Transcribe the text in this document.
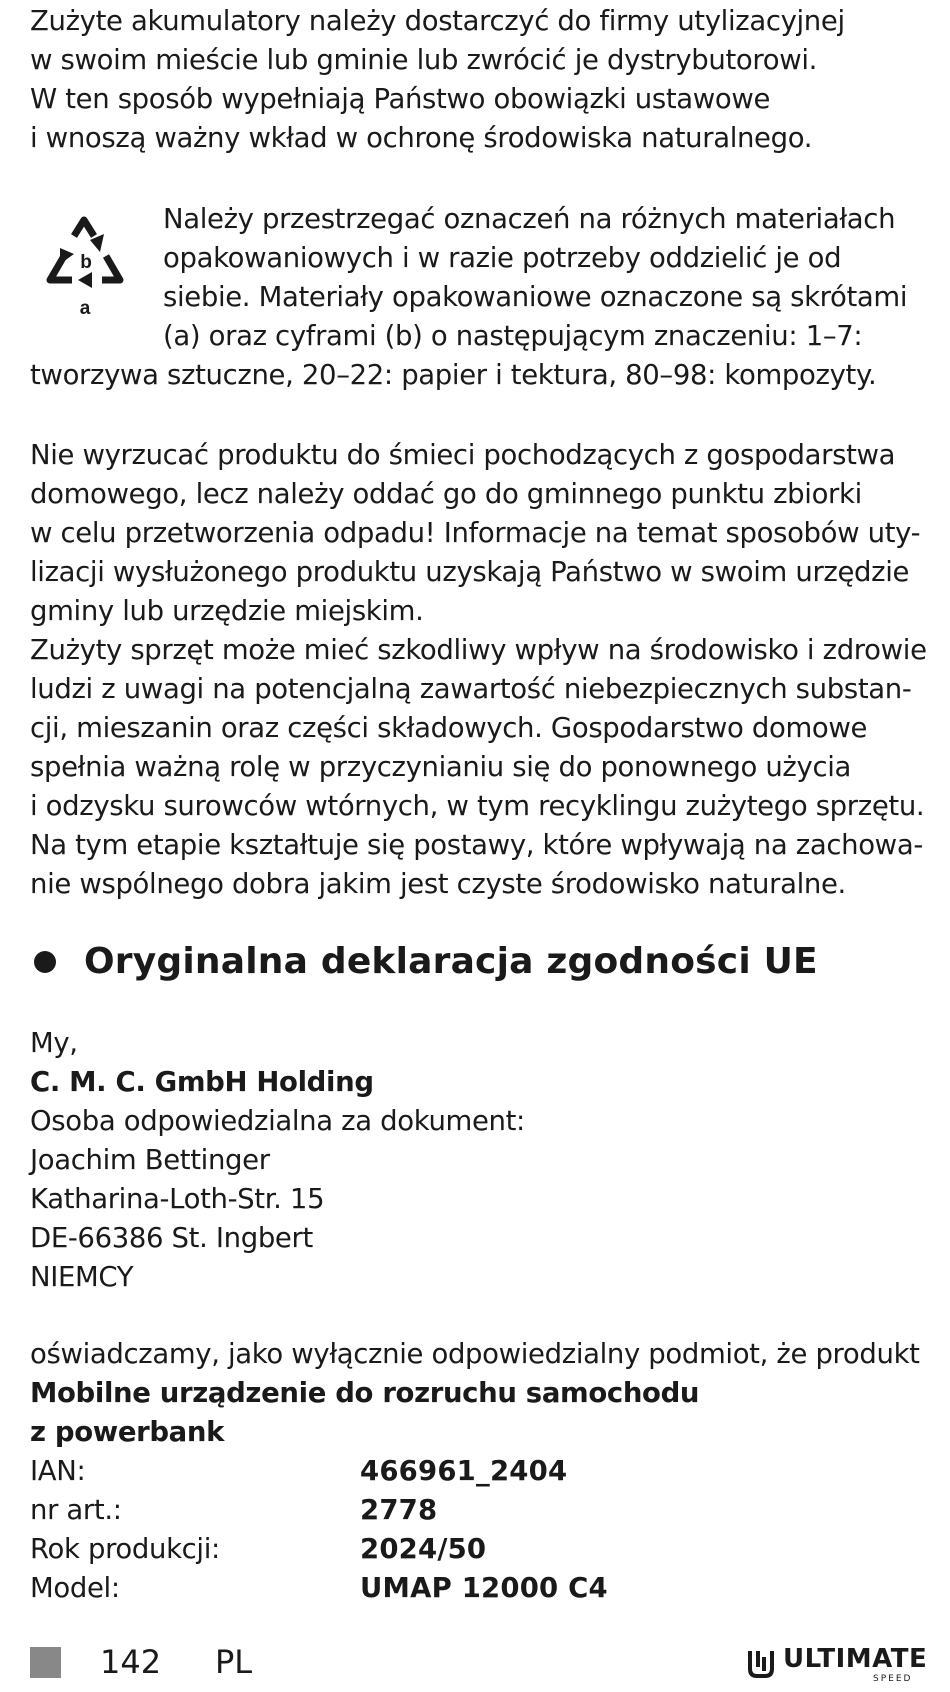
Zużyte akumulatory należy dostarczyć do firmy utylizacyjnej
w swoim mieście lub gminie lub zwrócić je dystrybutorowi.
W ten sposób wypełniają Państwo obowiązki ustawowe
i wnoszą ważny wkład w ochronę środowiska naturalnego.

b
a

Należy przestrzegać oznaczeń na różnych materiałach
opakowaniowych i w razie potrzeby oddzielić je od
siebie. Materiały opakowaniowe oznaczone są skrótami
(a) oraz cyframi (b) o następującym znaczeniu: 1–7:

tworzywa sztuczne, 20–22: papier i tektura, 80–98: kompozyty.

Nie wyrzucać produktu do śmieci pochodzących z gospodarstwa
domowego, lecz należy oddać go do gminnego punktu zbiorki
w celu przetworzenia odpadu! Informacje na temat sposobów uty-
lizacji wysłużonego produktu uzyskają Państwo w swoim urzędzie
gminy lub urzędzie miejskim.
Zużyty sprzęt może mieć szkodliwy wpływ na środowisko i zdrowie
ludzi z uwagi na potencjalną zawartość niebezpiecznych substan-
cji, mieszanin oraz części składowych. Gospodarstwo domowe
spełnia ważną rolę w przyczynianiu się do ponownego użycia
i odzysku surowców wtórnych, w tym recyklingu zużytego sprzętu.
Na tym etapie kształtuje się postawy, które wpływają na zachowa-
nie wspólnego dobra jakim jest czyste środowisko naturalne.

Oryginalna deklaracja zgodności UE

My,
C. M. C. GmbH Holding
Osoba odpowiedzialna za dokument:
Joachim Bettinger
Katharina-Loth-Str. 15
DE-66386 St. Ingbert
NIEMCY

oświadczamy, jako wyłącznie odpowiedzialny podmiot, że produkt
Mobilne urządzenie do rozruchu samochodu
z powerbank

IAN:	466961_2404
nr art.:	2778
Rok produkcji:	2024/50
Model:	UMAP 12000 C4
142 PL	ULTIMATE
SPEED
